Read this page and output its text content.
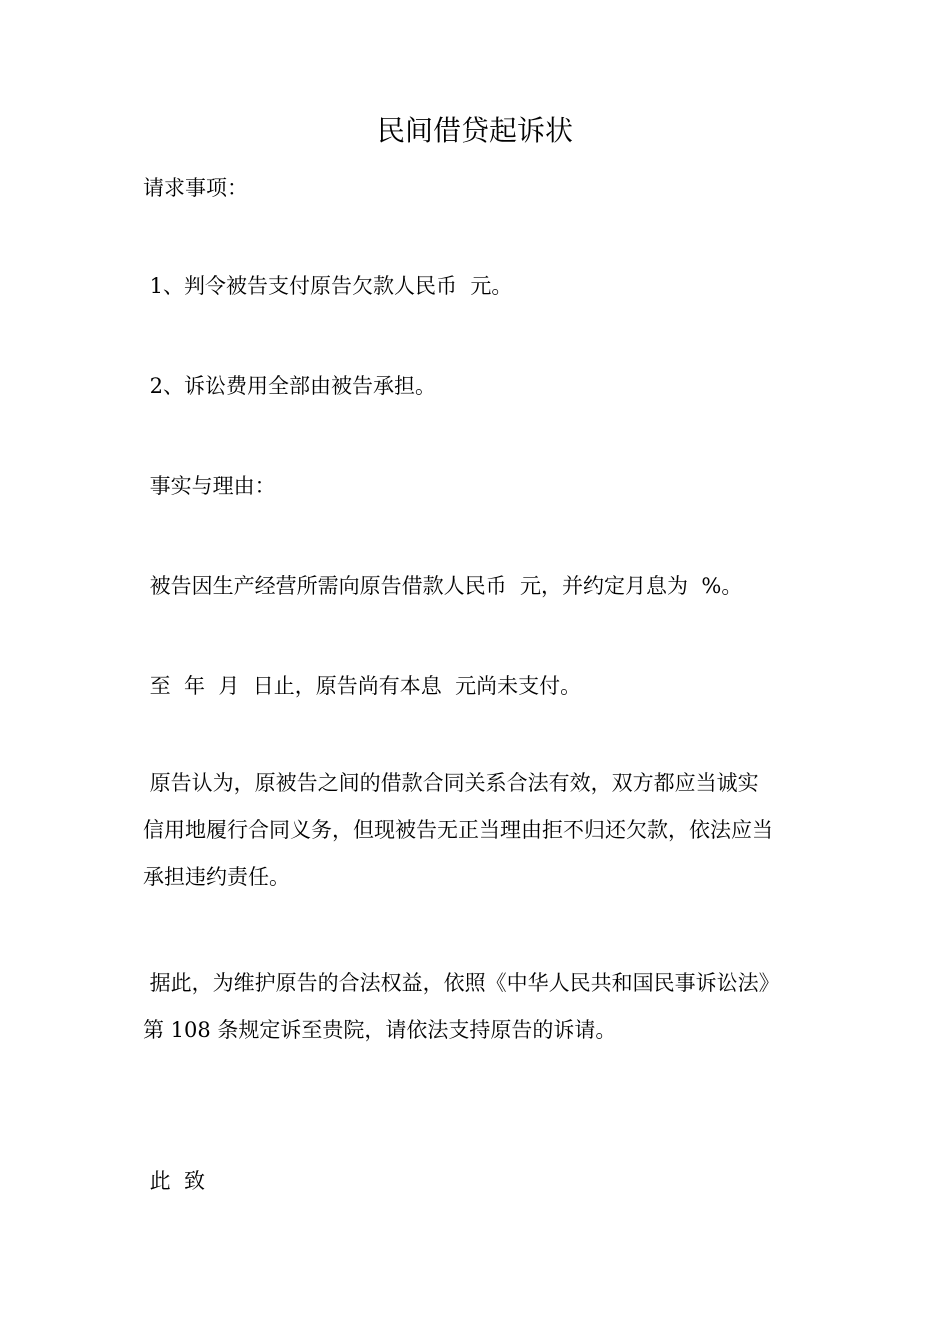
民间借贷起诉状
请求事项：
1、判令被告支付原告欠款人民币  元。
2、诉讼费用全部由被告承担。
事实与理由：
被告因生产经营所需向原告借款人民币  元，并约定月息为  %。
至  年  月  日止，原告尚有本息  元尚未支付。
原告认为，原被告之间的借款合同关系合法有效，双方都应当诚实
信用地履行合同义务，但现被告无正当理由拒不归还欠款，依法应当
承担违约责任。
据此，为维护原告的合法权益，依照《中华人民共和国民事诉讼法》
第 108 条规定诉至贵院，请依法支持原告的诉请。
此  致
